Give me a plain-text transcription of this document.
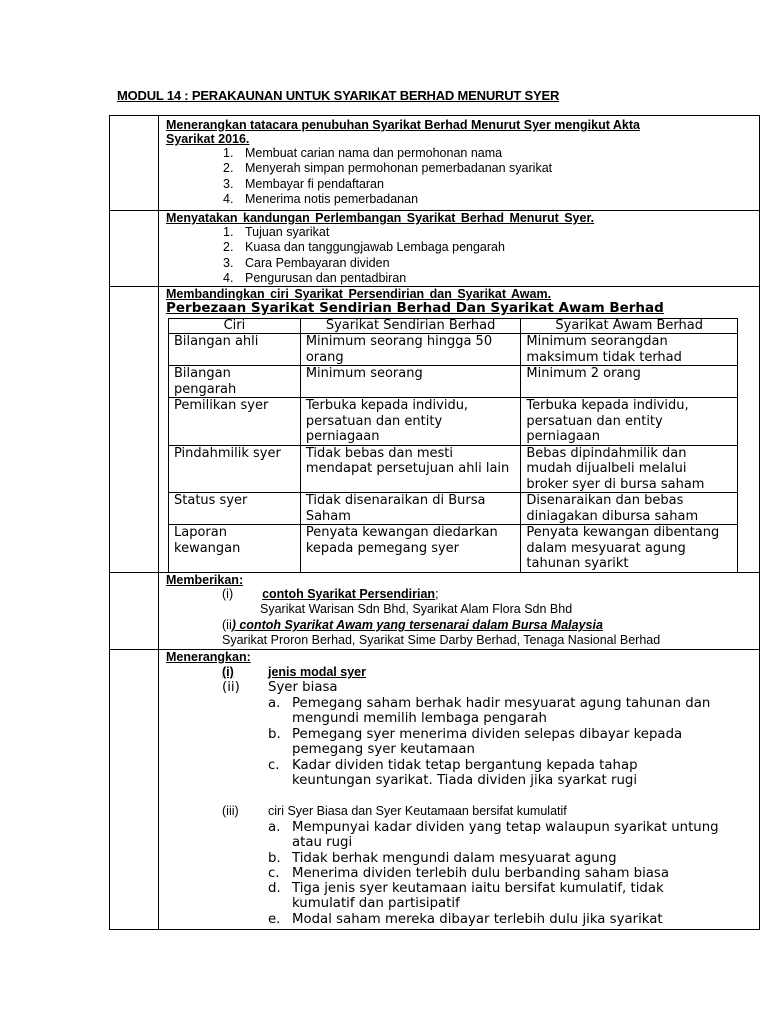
MODUL 14 : PERAKAUNAN UNTUK SYARIKAT BERHAD MENURUT SYER
Menerangkan tatacara penubuhan Syarikat Berhad Menurut Syer mengikut Akta
Syarikat 2016.
1. Membuat carian nama dan permohonan nama
2. Menyerah simpan permohonan pemerbadanan syarikat
3. Membayar fi pendaftaran
4. Menerima notis pemerbadanan
Menyatakan kandungan Perlembangan Syarikat Berhad Menurut Syer.
1. Tujuan syarikat
2. Kuasa dan tanggungjawab Lembaga pengarah
3. Cara Pembayaran dividen
4. Pengurusan dan pentadbiran
Membandingkan ciri Syarikat Persendirian dan Syarikat Awam.
Perbezaan Syarikat Sendirian Berhad Dan Syarikat Awam Berhad
Ciri	Syarikat Sendirian Berhad	Syarikat Awam Berhad
Bilangan ahli	Minimum seorang hingga 50 orang	Minimum seorangdan maksimum tidak terhad
Bilangan pengarah	Minimum seorang	Minimum 2 orang
Pemilikan syer	Terbuka kepada individu, persatuan dan entity perniagaan	Terbuka kepada individu, persatuan dan entity perniagaan
Pindahmilik syer	Tidak bebas dan mesti mendapat persetujuan ahli lain	Bebas dipindahmilik dan mudah dijualbeli melalui broker syer di bursa saham
Status syer	Tidak disenaraikan di Bursa Saham	Disenaraikan dan bebas diniagakan dibursa saham
Laporan kewangan	Penyata kewangan diedarkan kepada pemegang syer	Penyata kewangan dibentang dalam mesyuarat agung tahunan syarikt
Memberikan:
(i) contoh Syarikat Persendirian;
Syarikat Warisan Sdn Bhd, Syarikat Alam Flora Sdn Bhd
(ii) contoh Syarikat Awam yang tersenarai dalam Bursa Malaysia
Syarikat Proron Berhad, Syarikat Sime Darby Berhad, Tenaga Nasional Berhad
Menerangkan:
(i)	jenis modal syer
(ii) Syer biasa
a. Pemegang saham berhak hadir mesyuarat agung tahunan dan
mengundi memilih lembaga pengarah
b. Pemegang syer menerima dividen selepas dibayar kepada
pemegang syer keutamaan
c. Kadar dividen tidak tetap bergantung kepada tahap
keuntungan syarikat. Tiada dividen jika syarkat rugi
(iii) ciri Syer Biasa dan Syer Keutamaan bersifat kumulatif
a. Mempunyai kadar dividen yang tetap walaupun syarikat untung
atau rugi
b. Tidak berhak mengundi dalam mesyuarat agung
c. Menerima dividen terlebih dulu berbanding saham biasa
d. Tiga jenis syer keutamaan iaitu bersifat kumulatif, tidak
kumulatif dan partisipatif
e. Modal saham mereka dibayar terlebih dulu jika syarikat
